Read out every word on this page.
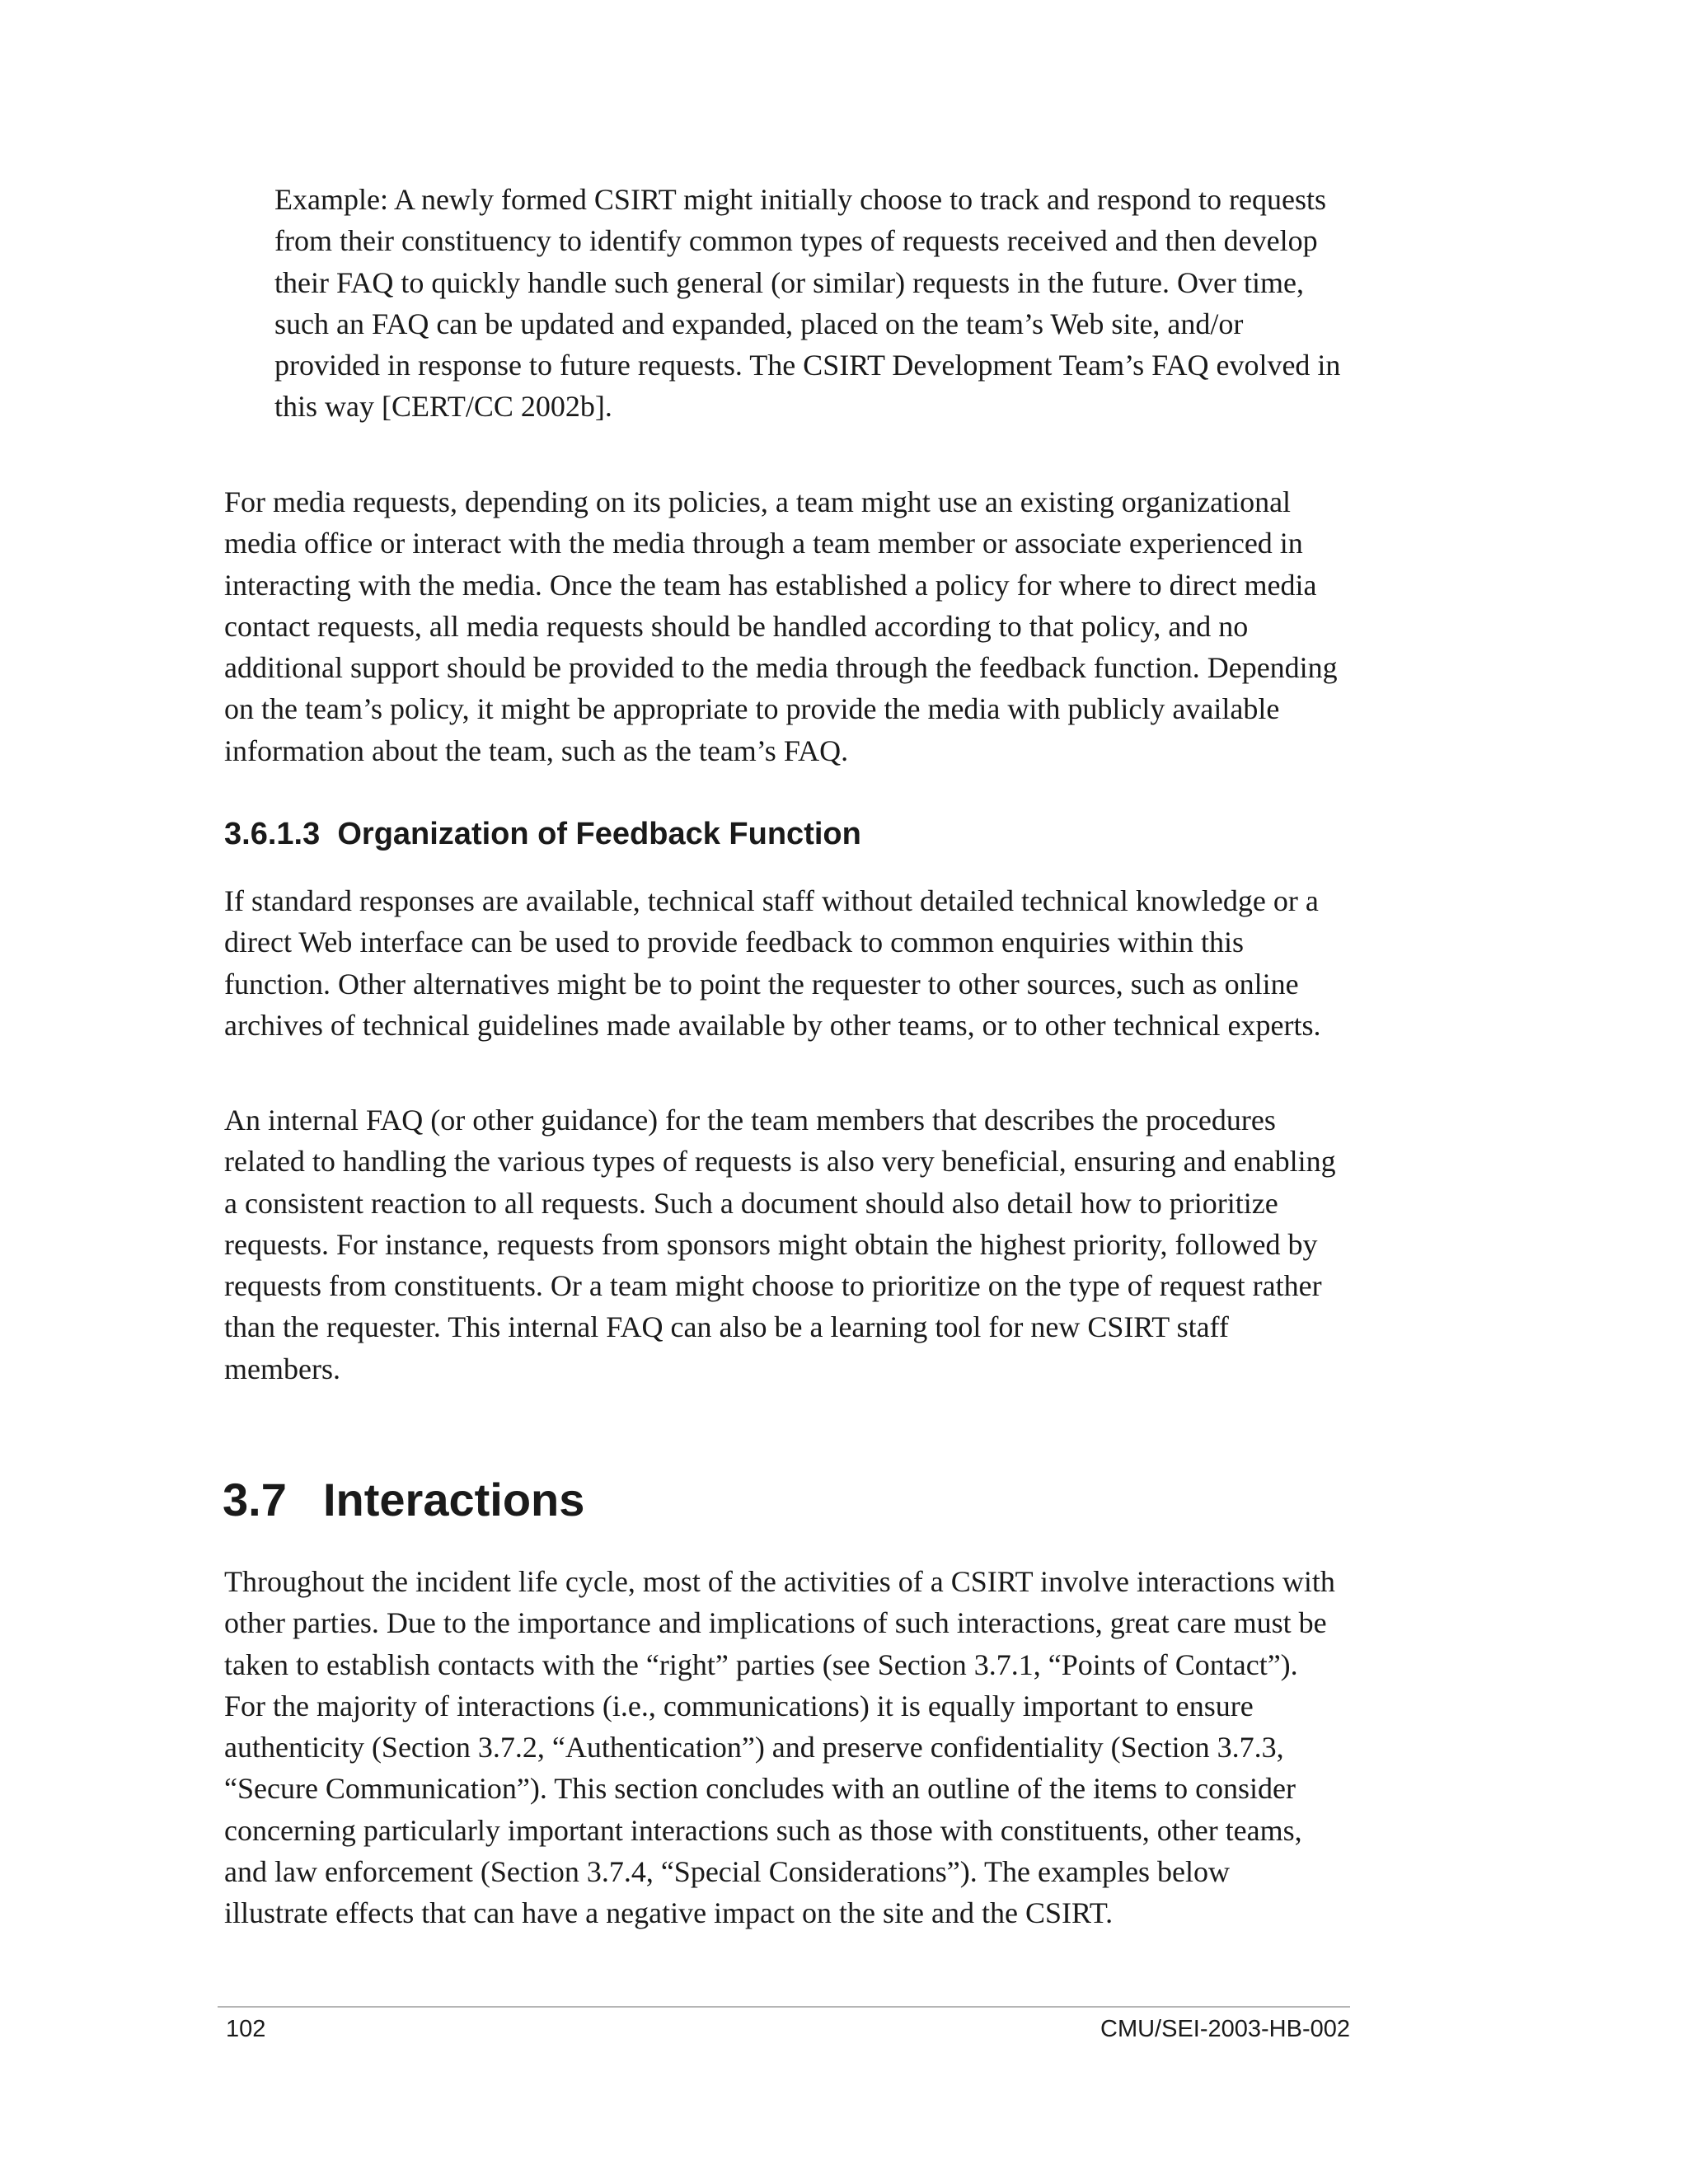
Example: A newly formed CSIRT might initially choose to track and respond to requests
from their constituency to identify common types of requests received and then develop
their FAQ to quickly handle such general (or similar) requests in the future. Over time,
such an FAQ can be updated and expanded, placed on the team’s Web site, and/or
provided in response to future requests. The CSIRT Development Team’s FAQ evolved in
this way [CERT/CC 2002b].

For media requests, depending on its policies, a team might use an existing organizational
media office or interact with the media through a team member or associate experienced in
interacting with the media. Once the team has established a policy for where to direct media
contact requests, all media requests should be handled according to that policy, and no
additional support should be provided to the media through the feedback function. Depending
on the team’s policy, it might be appropriate to provide the media with publicly available
information about the team, such as the team’s FAQ.

3.6.1.3 Organization of Feedback Function

If standard responses are available, technical staff without detailed technical knowledge or a
direct Web interface can be used to provide feedback to common enquiries within this
function. Other alternatives might be to point the requester to other sources, such as online
archives of technical guidelines made available by other teams, or to other technical experts.

An internal FAQ (or other guidance) for the team members that describes the procedures
related to handling the various types of requests is also very beneficial, ensuring and enabling
a consistent reaction to all requests. Such a document should also detail how to prioritize
requests. For instance, requests from sponsors might obtain the highest priority, followed by
requests from constituents. Or a team might choose to prioritize on the type of request rather
than the requester. This internal FAQ can also be a learning tool for new CSIRT staff
members.

3.7 Interactions

Throughout the incident life cycle, most of the activities of a CSIRT involve interactions with
other parties. Due to the importance and implications of such interactions, great care must be
taken to establish contacts with the “right” parties (see Section 3.7.1, “Points of Contact”).
For the majority of interactions (i.e., communications) it is equally important to ensure
authenticity (Section 3.7.2, “Authentication”) and preserve confidentiality (Section 3.7.3,
“Secure Communication”). This section concludes with an outline of the items to consider
concerning particularly important interactions such as those with constituents, other teams,
and law enforcement (Section 3.7.4, “Special Considerations”). The examples below
illustrate effects that can have a negative impact on the site and the CSIRT.

102	CMU/SEI-2003-HB-002
